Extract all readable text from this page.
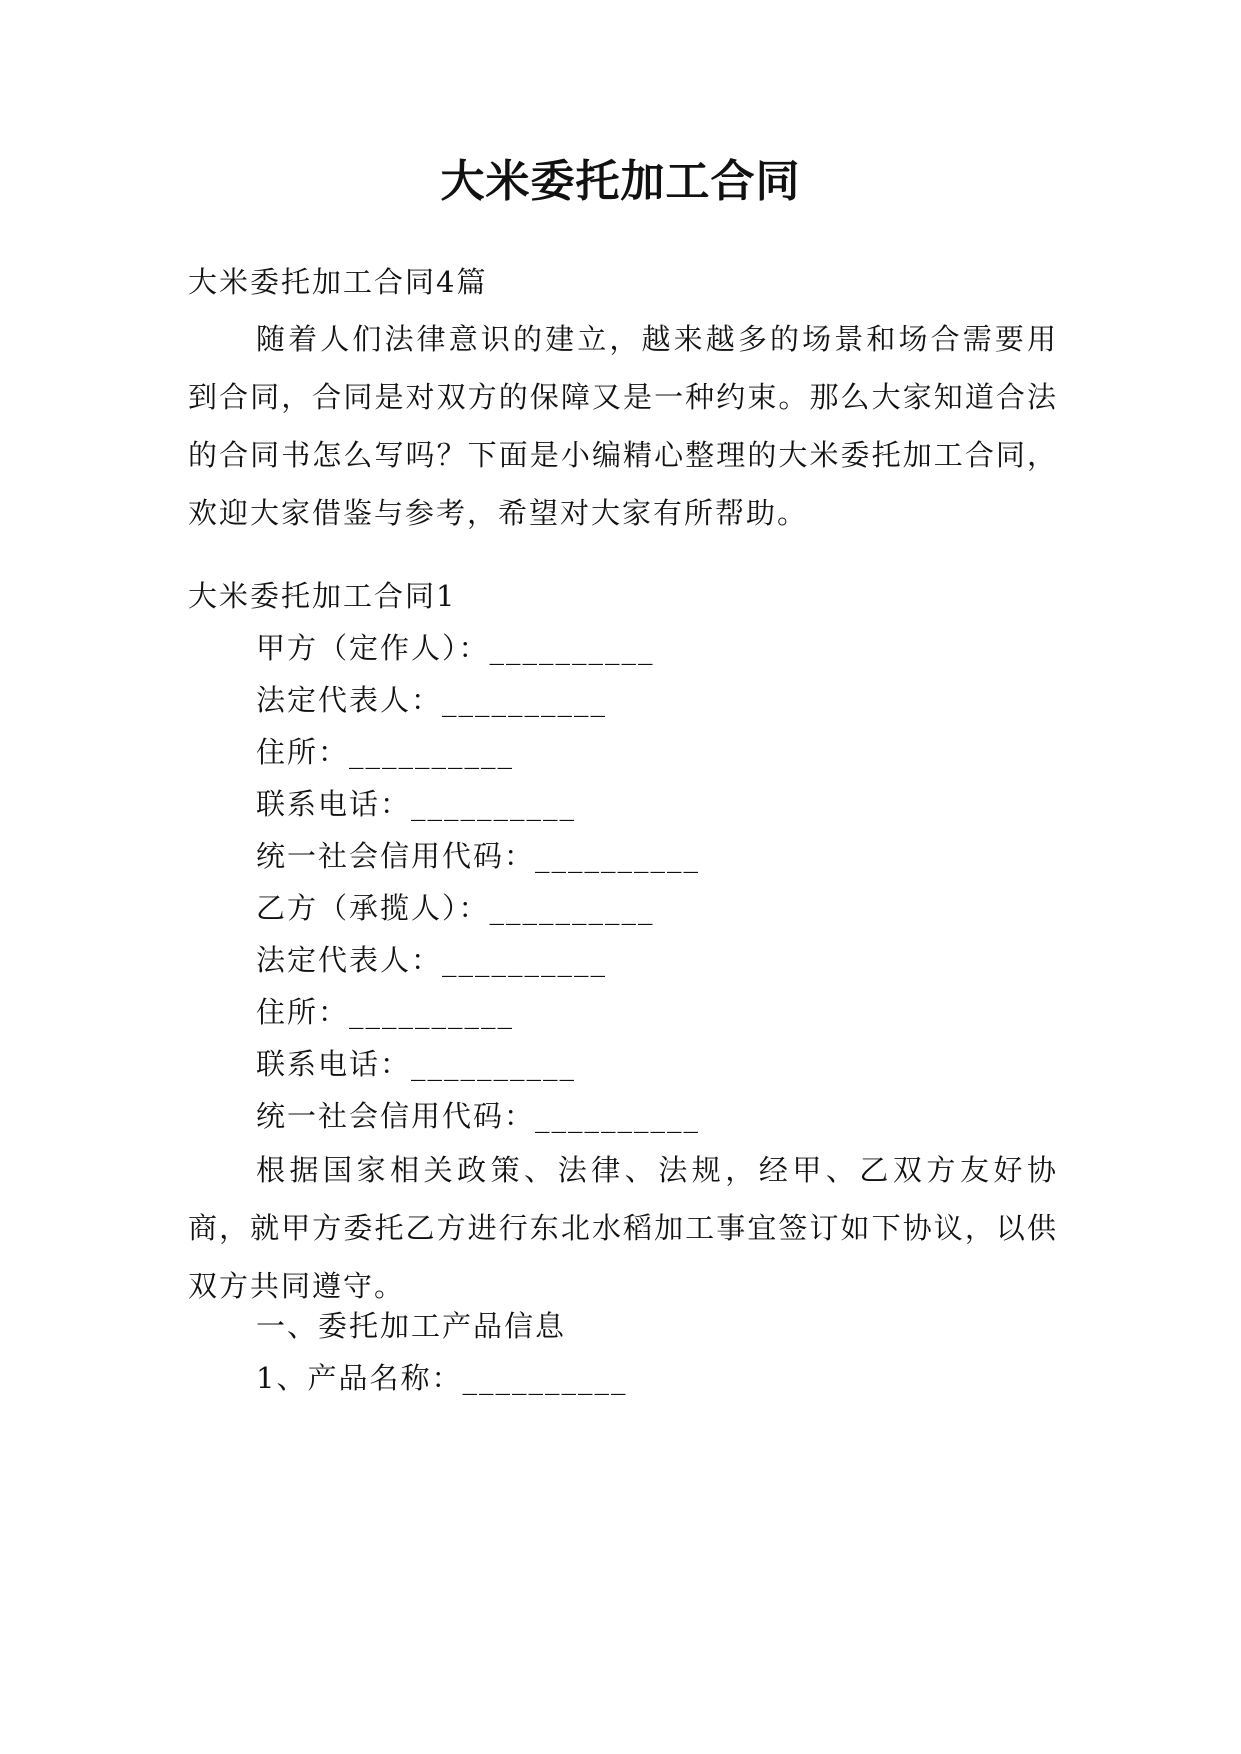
大米委托加工合同
大米委托加工合同4篇

随着人们法律意识的建立，越来越多的场景和场合需要用到合同，合同是对双方的保障又是一种约束。那么大家知道合法的合同书怎么写吗？下面是小编精心整理的大米委托加工合同，欢迎大家借鉴与参考，希望对大家有所帮助。

大米委托加工合同1
甲方（定作人）：__________
法定代表人：__________
住所：__________
联系电话：__________
统一社会信用代码：__________
乙方（承揽人）：__________
法定代表人：__________
住所：__________
联系电话：__________
统一社会信用代码：__________

根据国家相关政策、法律、法规，经甲、乙双方友好协商，就甲方委托乙方进行东北水稻加工事宜签订如下协议，以供双方共同遵守。

一、委托加工产品信息
1、产品名称：__________
